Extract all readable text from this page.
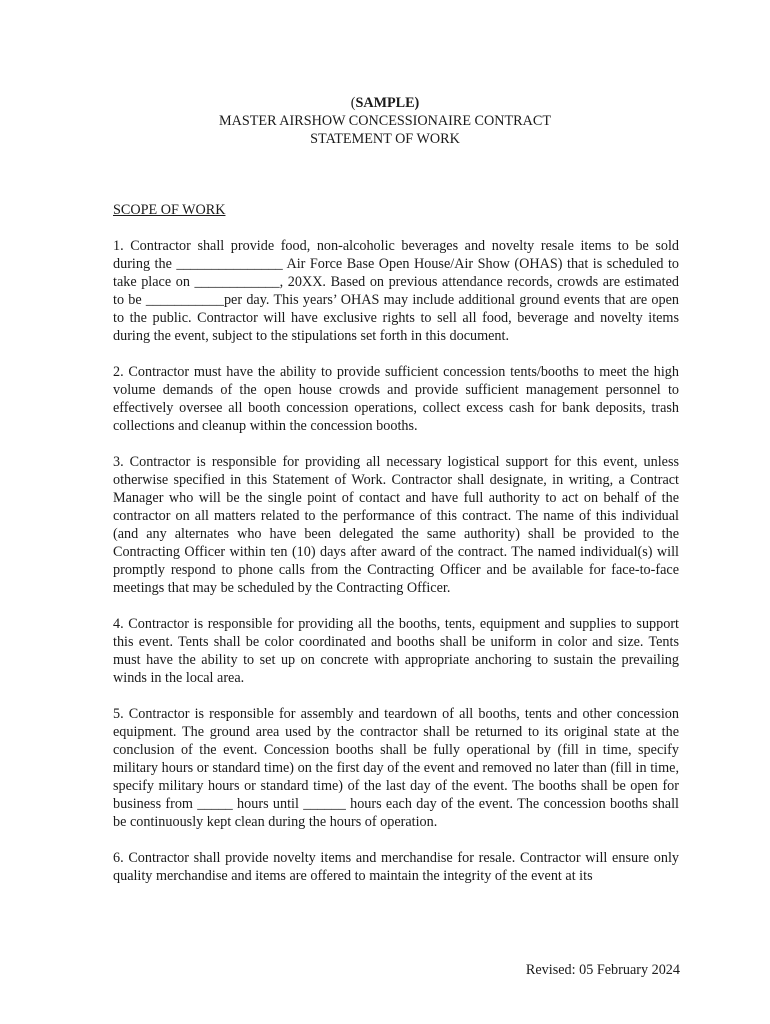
(SAMPLE)
MASTER AIRSHOW CONCESSIONAIRE CONTRACT
STATEMENT OF WORK
SCOPE OF WORK

1. Contractor shall provide food, non-alcoholic beverages and novelty resale items to be sold during the _______________ Air Force Base Open House/Air Show (OHAS) that is scheduled to take place on ____________, 20XX. Based on previous attendance records, crowds are estimated to be ___________per day. This years’ OHAS may include additional ground events that are open to the public. Contractor will have exclusive rights to sell all food, beverage and novelty items during the event, subject to the stipulations set forth in this document.

2. Contractor must have the ability to provide sufficient concession tents/booths to meet the high volume demands of the open house crowds and provide sufficient management personnel to effectively oversee all booth concession operations, collect excess cash for bank deposits, trash collections and cleanup within the concession booths.

3. Contractor is responsible for providing all necessary logistical support for this event, unless otherwise specified in this Statement of Work. Contractor shall designate, in writing, a Contract Manager who will be the single point of contact and have full authority to act on behalf of the contractor on all matters related to the performance of this contract. The name of this individual (and any alternates who have been delegated the same authority) shall be provided to the Contracting Officer within ten (10) days after award of the contract. The named individual(s) will promptly respond to phone calls from the Contracting Officer and be available for face-to-face meetings that may be scheduled by the Contracting Officer.

4. Contractor is responsible for providing all the booths, tents, equipment and supplies to support this event. Tents shall be color coordinated and booths shall be uniform in color and size. Tents must have the ability to set up on concrete with appropriate anchoring to sustain the prevailing winds in the local area.

5. Contractor is responsible for assembly and teardown of all booths, tents and other concession equipment. The ground area used by the contractor shall be returned to its original state at the conclusion of the event. Concession booths shall be fully operational by (fill in time, specify military hours or standard time) on the first day of the event and removed no later than (fill in time, specify military hours or standard time) of the last day of the event. The booths shall be open for business from _____ hours until ______ hours each day of the event. The concession booths shall be continuously kept clean during the hours of operation.

6. Contractor shall provide novelty items and merchandise for resale. Contractor will ensure only quality merchandise and items are offered to maintain the integrity of the event at its

Revised: 05 February 2024
